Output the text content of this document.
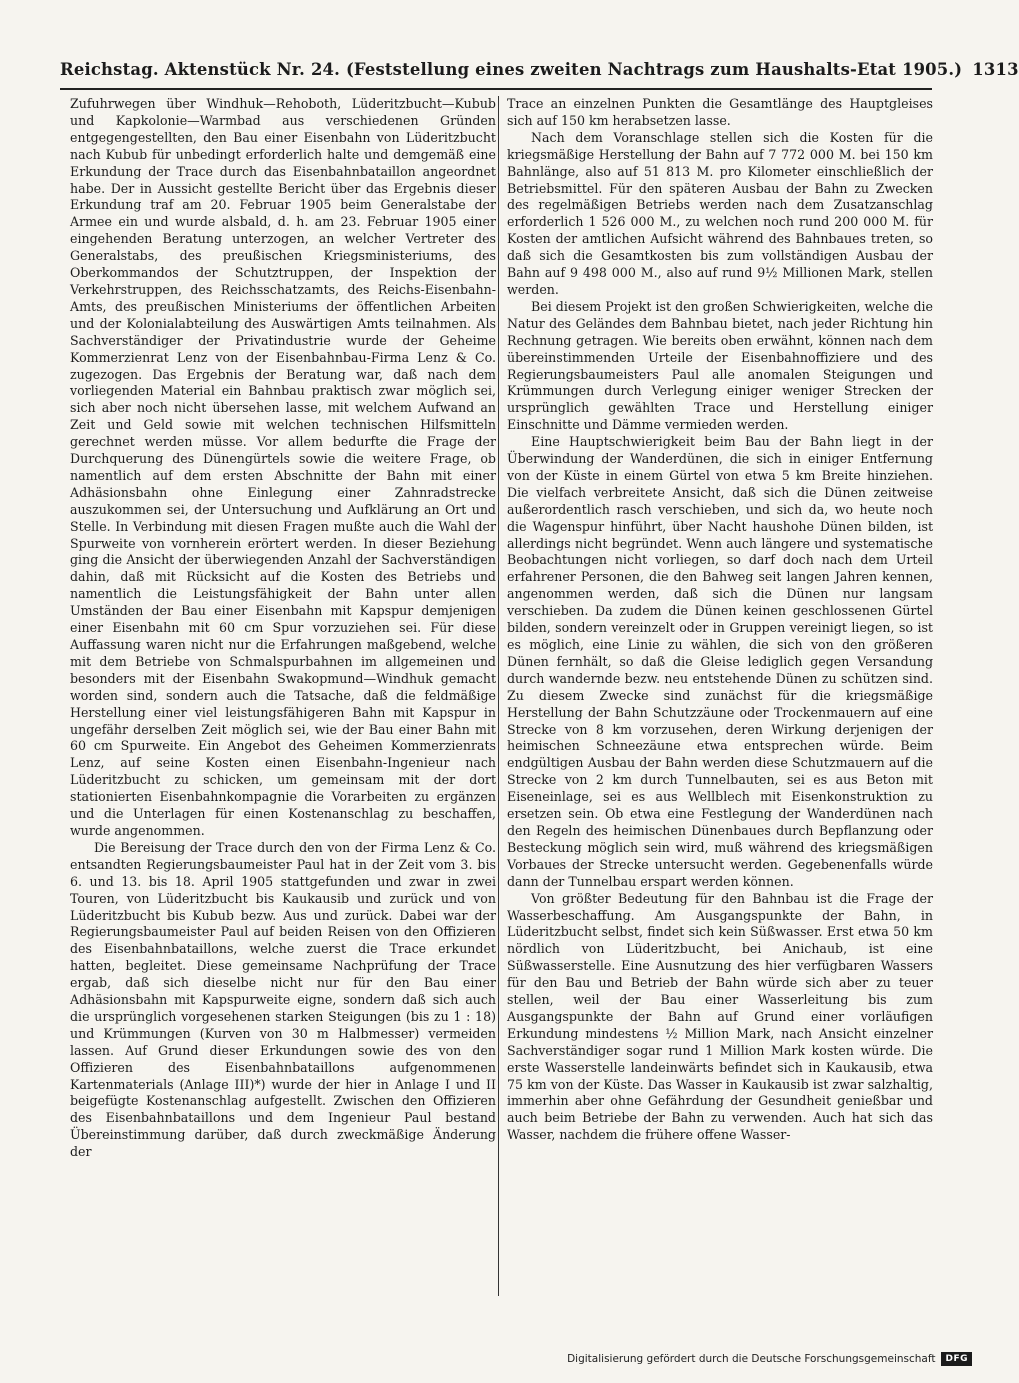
Reichstag. Aktenstück Nr. 24. (Feststellung eines zweiten Nachtrags zum Haushalts-Etat 1905.) 1313

Zufuhrwegen über Windhuk—Rehoboth, Lüderitzbucht—Kubub und Kapkolonie—Warmbad aus verschiedenen Gründen entgegengestellten, den Bau einer Eisenbahn von Lüderitzbucht nach Kubub für unbedingt erforderlich halte und demgemäß eine Erkundung der Trace durch das Eisenbahnbataillon angeordnet habe. Der in Aussicht gestellte Bericht über das Ergebnis dieser Erkundung traf am 20. Februar 1905 beim Generalstabe der Armee ein und wurde alsbald, d. h. am 23. Februar 1905 einer eingehenden Beratung unterzogen, an welcher Vertreter des Generalstabs, des preußischen Kriegsministeriums, des Oberkommandos der Schutztruppen, der Inspektion der Verkehrstruppen, des Reichsschatzamts, des Reichs-Eisenbahn-Amts, des preußischen Ministeriums der öffentlichen Arbeiten und der Kolonialabteilung des Auswärtigen Amts teilnahmen. Als Sachverständiger der Privatindustrie wurde der Geheime Kommerzienrat Lenz von der Eisenbahnbau-Firma Lenz & Co. zugezogen. Das Ergebnis der Beratung war, daß nach dem vorliegenden Material ein Bahnbau praktisch zwar möglich sei, sich aber noch nicht übersehen lasse, mit welchem Aufwand an Zeit und Geld sowie mit welchen technischen Hilfsmitteln gerechnet werden müsse. Vor allem bedurfte die Frage der Durchquerung des Dünengürtels sowie die weitere Frage, ob namentlich auf dem ersten Abschnitte der Bahn mit einer Adhäsionsbahn ohne Einlegung einer Zahnradstrecke auszukommen sei, der Untersuchung und Aufklärung an Ort und Stelle. In Verbindung mit diesen Fragen mußte auch die Wahl der Spurweite von vornherein erörtert werden. In dieser Beziehung ging die Ansicht der überwiegenden Anzahl der Sachverständigen dahin, daß mit Rücksicht auf die Kosten des Betriebs und namentlich die Leistungsfähigkeit der Bahn unter allen Umständen der Bau einer Eisenbahn mit Kapspur demjenigen einer Eisenbahn mit 60 cm Spur vorzuziehen sei. Für diese Auffassung waren nicht nur die Erfahrungen maßgebend, welche mit dem Betriebe von Schmalspurbahnen im allgemeinen und besonders mit der Eisenbahn Swakopmund—Windhuk gemacht worden sind, sondern auch die Tatsache, daß die feldmäßige Herstellung einer viel leistungsfähigeren Bahn mit Kapspur in ungefähr derselben Zeit möglich sei, wie der Bau einer Bahn mit 60 cm Spurweite. Ein Angebot des Geheimen Kommerzienrats Lenz, auf seine Kosten einen Eisenbahn-Ingenieur nach Lüderitzbucht zu schicken, um gemeinsam mit der dort stationierten Eisenbahnkompagnie die Vorarbeiten zu ergänzen und die Unterlagen für einen Kostenanschlag zu beschaffen, wurde angenommen.

Die Bereisung der Trace durch den von der Firma Lenz & Co. entsandten Regierungsbaumeister Paul hat in der Zeit vom 3. bis 6. und 13. bis 18. April 1905 stattgefunden und zwar in zwei Touren, von Lüderitzbucht bis Kaukausib und zurück und von Lüderitzbucht bis Kubub bezw. Aus und zurück. Dabei war der Regierungsbaumeister Paul auf beiden Reisen von den Offizieren des Eisenbahnbataillons, welche zuerst die Trace erkundet hatten, begleitet. Diese gemeinsame Nachprüfung der Trace ergab, daß sich dieselbe nicht nur für den Bau einer Adhäsionsbahn mit Kapspurweite eigne, sondern daß sich auch die ursprünglich vorgesehenen starken Steigungen (bis zu 1 : 18) und Krümmungen (Kurven von 30 m Halbmesser) vermeiden lassen. Auf Grund dieser Erkundungen sowie des von den Offizieren des Eisenbahnbataillons aufgenommenen Kartenmaterials (Anlage III)*) wurde der hier in Anlage I und II beigefügte Kostenanschlag aufgestellt. Zwischen den Offizieren des Eisenbahnbataillons und dem Ingenieur Paul bestand Übereinstimmung darüber, daß durch zweckmäßige Änderung der

Trace an einzelnen Punkten die Gesamtlänge des Hauptgleises sich auf 150 km herabsetzen lasse.

Nach dem Voranschlage stellen sich die Kosten für die kriegsmäßige Herstellung der Bahn auf 7 772 000 M. bei 150 km Bahnlänge, also auf 51 813 M. pro Kilometer einschließlich der Betriebsmittel. Für den späteren Ausbau der Bahn zu Zwecken des regelmäßigen Betriebs werden nach dem Zusatzanschlag erforderlich 1 526 000 M., zu welchen noch rund 200 000 M. für Kosten der amtlichen Aufsicht während des Bahnbaues treten, so daß sich die Gesamtkosten bis zum vollständigen Ausbau der Bahn auf 9 498 000 M., also auf rund 9½ Millionen Mark, stellen werden.

Bei diesem Projekt ist den großen Schwierigkeiten, welche die Natur des Geländes dem Bahnbau bietet, nach jeder Richtung hin Rechnung getragen. Wie bereits oben erwähnt, können nach dem übereinstimmenden Urteile der Eisenbahnoffiziere und des Regierungsbaumeisters Paul alle anomalen Steigungen und Krümmungen durch Verlegung einiger weniger Strecken der ursprünglich gewählten Trace und Herstellung einiger Einschnitte und Dämme vermieden werden.

Eine Hauptschwierigkeit beim Bau der Bahn liegt in der Überwindung der Wanderdünen, die sich in einiger Entfernung von der Küste in einem Gürtel von etwa 5 km Breite hinziehen. Die vielfach verbreitete Ansicht, daß sich die Dünen zeitweise außerordentlich rasch verschieben, und sich da, wo heute noch die Wagenspur hinführt, über Nacht haushohe Dünen bilden, ist allerdings nicht begründet. Wenn auch längere und systematische Beobachtungen nicht vorliegen, so darf doch nach dem Urteil erfahrener Personen, die den Bahweg seit langen Jahren kennen, angenommen werden, daß sich die Dünen nur langsam verschieben. Da zudem die Dünen keinen geschlossenen Gürtel bilden, sondern vereinzelt oder in Gruppen vereinigt liegen, so ist es möglich, eine Linie zu wählen, die sich von den größeren Dünen fernhält, so daß die Gleise lediglich gegen Versandung durch wandernde bezw. neu entstehende Dünen zu schützen sind. Zu diesem Zwecke sind zunächst für die kriegsmäßige Herstellung der Bahn Schutzzäune oder Trockenmauern auf eine Strecke von 8 km vorzusehen, deren Wirkung derjenigen der heimischen Schneezäune etwa entsprechen würde. Beim endgültigen Ausbau der Bahn werden diese Schutzmauern auf die Strecke von 2 km durch Tunnelbauten, sei es aus Beton mit Eiseneinlage, sei es aus Wellblech mit Eisenkonstruktion zu ersetzen sein. Ob etwa eine Festlegung der Wanderdünen nach den Regeln des heimischen Dünenbaues durch Bepflanzung oder Besteckung möglich sein wird, muß während des kriegsmäßigen Vorbaues der Strecke untersucht werden. Gegebenenfalls würde dann der Tunnelbau erspart werden können.

Von größter Bedeutung für den Bahnbau ist die Frage der Wasserbeschaffung. Am Ausgangspunkte der Bahn, in Lüderitzbucht selbst, findet sich kein Süßwasser. Erst etwa 50 km nördlich von Lüderitzbucht, bei Anichaub, ist eine Süßwasserstelle. Eine Ausnutzung des hier verfügbaren Wassers für den Bau und Betrieb der Bahn würde sich aber zu teuer stellen, weil der Bau einer Wasserleitung bis zum Ausgangspunkte der Bahn auf Grund einer vorläufigen Erkundung mindestens ½ Million Mark, nach Ansicht einzelner Sachverständiger sogar rund 1 Million Mark kosten würde. Die erste Wasserstelle landeinwärts befindet sich in Kaukausib, etwa 75 km von der Küste. Das Wasser in Kaukausib ist zwar salzhaltig, immerhin aber ohne Gefährdung der Gesundheit genießbar und auch beim Betriebe der Bahn zu verwenden. Auch hat sich das Wasser, nachdem die frühere offene Wasser-

Digitalisierung gefördert durch die Deutsche Forschungsgemeinschaft	DFG
